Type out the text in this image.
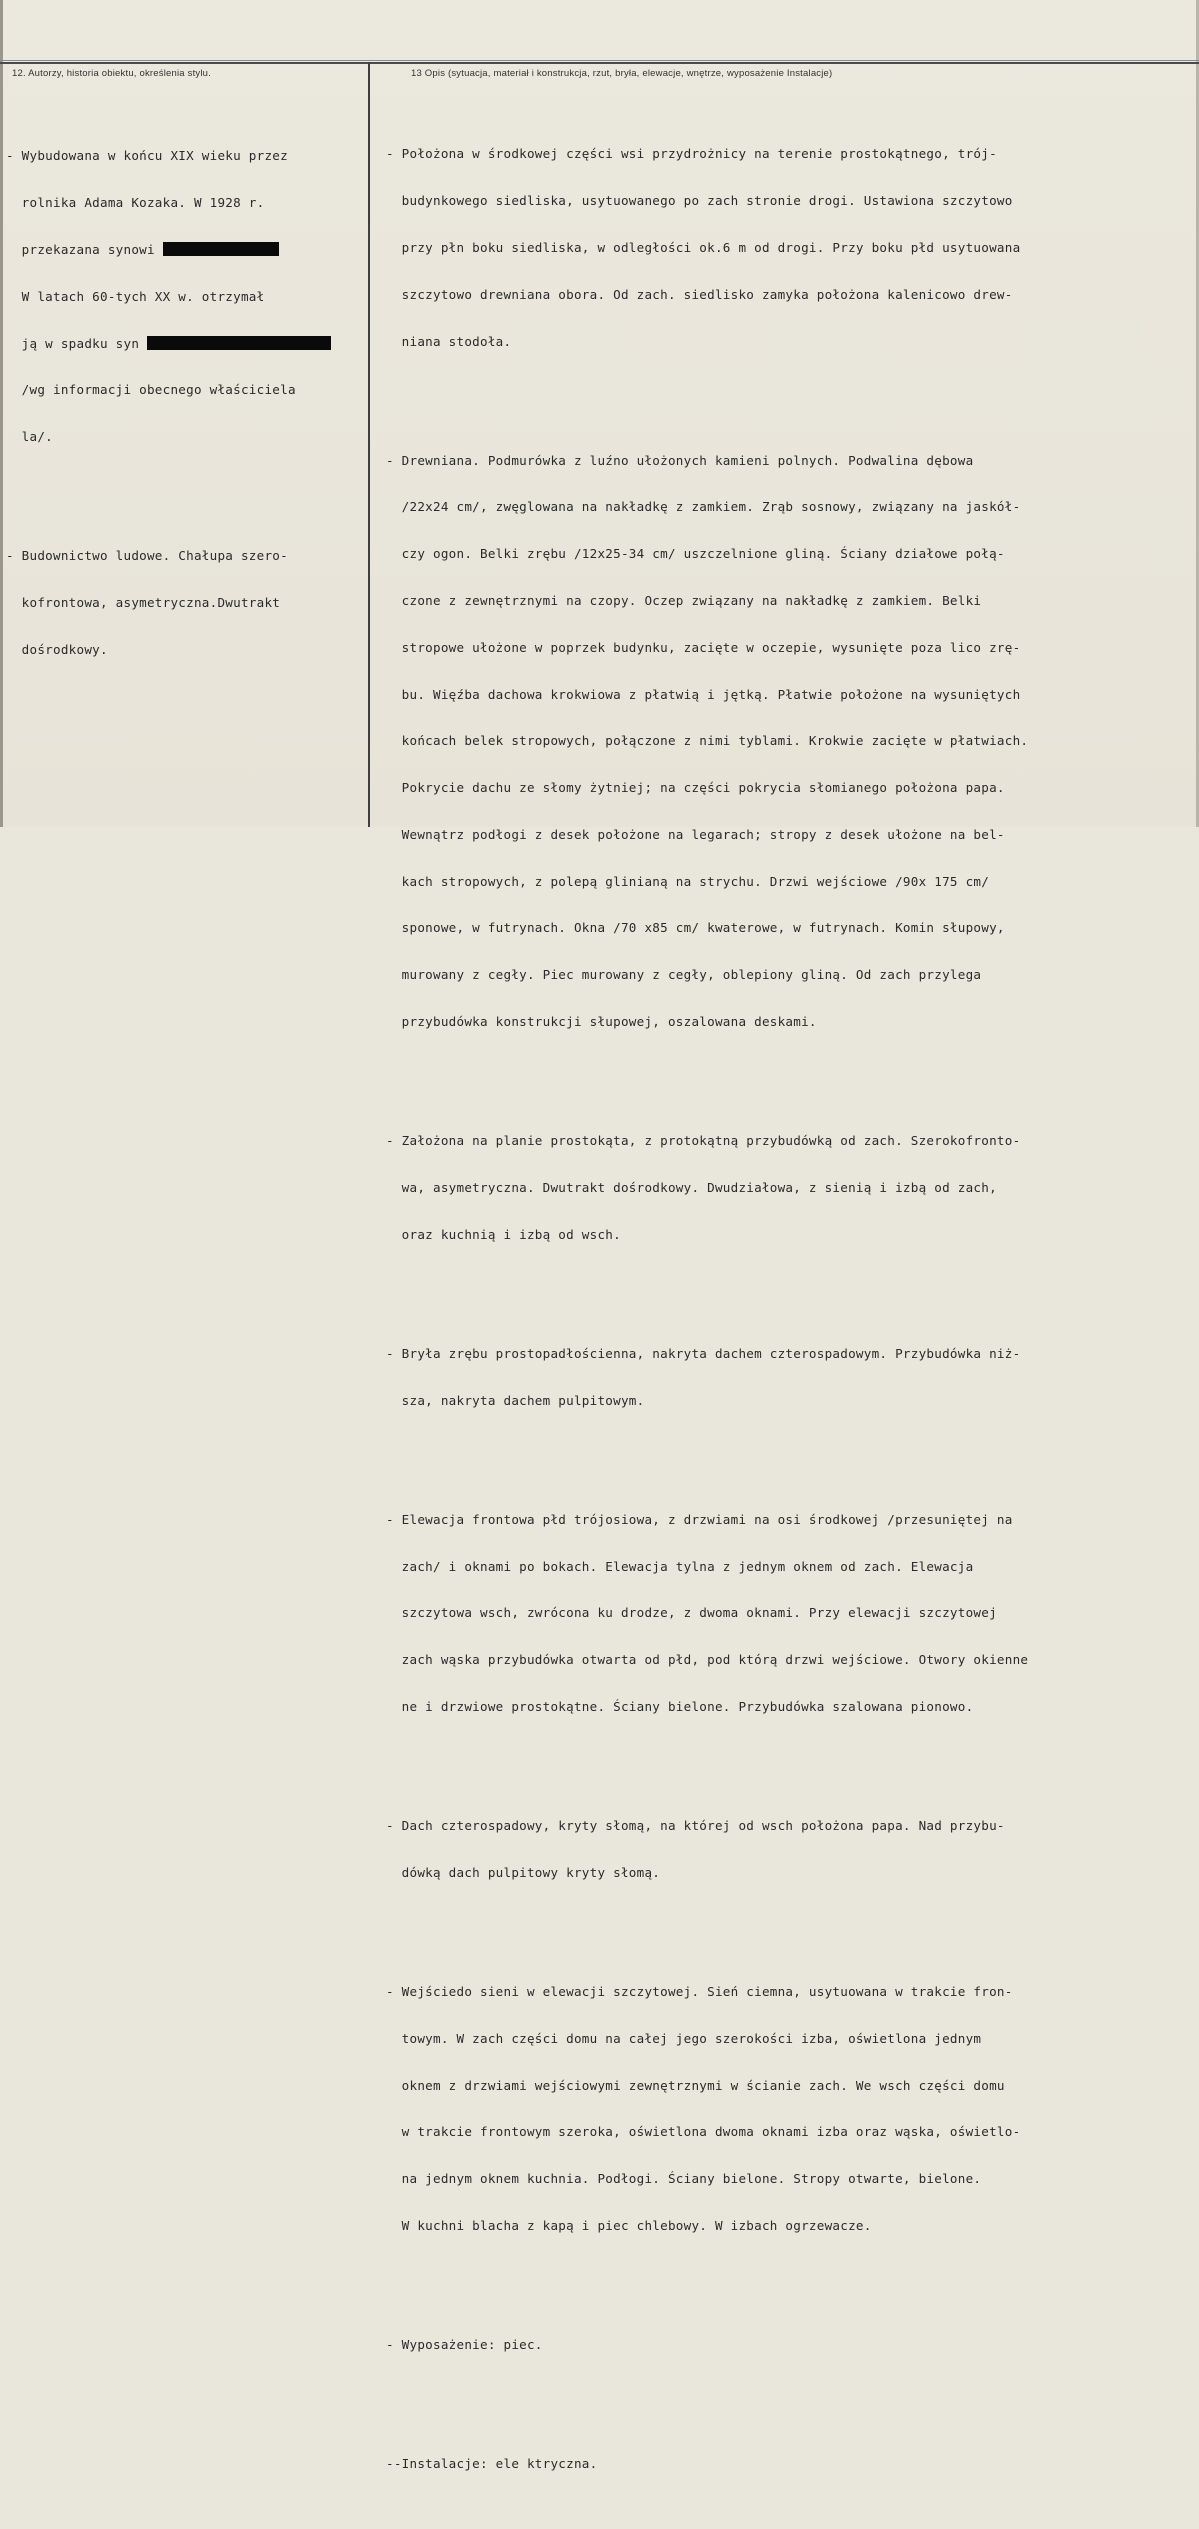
12. Autorzy, historia obiektu, określenia stylu.	13 Opis (sytuacja, materiał i konstrukcja, rzut, bryła, elewacje, wnętrze, wyposażenie Instalacje)

- Wybudowana w końcu XIX wieku przez

rolnika Adama Kozaka. W 1928 r.

przekazana synowi

W latach 60-tych XX w. otrzymał

ją w spadku syn

/wg informacji obecnego właściciela

la/.

- Budownictwo ludowe. Chałupa szero-

kofrontowa, asymetryczna.Dwutrakt

dośrodkowy.

- Położona w środkowej części wsi przydrożnicy na terenie prostokątnego, trój-

budynkowego siedliska, usytuowanego po zach stronie drogi. Ustawiona szczytowo

przy płn boku siedliska, w odległości ok.6 m od drogi. Przy boku płd usytuowana

szczytowo drewniana obora. Od zach. siedlisko zamyka położona kalenicowo drew-

niana stodoła.

- Drewniana. Podmurówka z luźno ułożonych kamieni polnych. Podwalina dębowa

/22x24 cm/, zwęglowana na nakładkę z zamkiem. Zrąb sosnowy, związany na jaskół-

czy ogon. Belki zrębu /12x25-34 cm/ uszczelnione gliną. Ściany działowe połą-

czone z zewnętrznymi na czopy. Oczep związany na nakładkę z zamkiem. Belki

stropowe ułożone w poprzek budynku, zacięte w oczepie, wysunięte poza lico zrę-

bu. Więźba dachowa krokwiowa z płatwią i jętką. Płatwie położone na wysuniętych

końcach belek stropowych, połączone z nimi tyblami. Krokwie zacięte w płatwiach.

Pokrycie dachu ze słomy żytniej; na części pokrycia słomianego położona papa.

Wewnątrz podłogi z desek położone na legarach; stropy z desek ułożone na bel-

kach stropowych, z polepą glinianą na strychu. Drzwi wejściowe /90x 175 cm/

sponowe, w futrynach. Okna /70 x85 cm/ kwaterowe, w futrynach. Komin słupowy,

murowany z cegły. Piec murowany z cegły, oblepiony gliną. Od zach przylega

przybudówka konstrukcji słupowej, oszalowana deskami.

- Założona na planie prostokąta, z protokątną przybudówką od zach. Szerokofronto-

wa, asymetryczna. Dwutrakt dośrodkowy. Dwudziałowa, z sienią i izbą od zach,

oraz kuchnią i izbą od wsch.

- Bryła zrębu prostopadłościenna, nakryta dachem czterospadowym. Przybudówka niż-

sza, nakryta dachem pulpitowym.

- Elewacja frontowa płd trójosiowa, z drzwiami na osi środkowej /przesuniętej na

zach/ i oknami po bokach. Elewacja tylna z jednym oknem od zach. Elewacja

szczytowa wsch, zwrócona ku drodze, z dwoma oknami. Przy elewacji szczytowej

zach wąska przybudówka otwarta od płd, pod którą drzwi wejściowe. Otwory okienne

ne i drzwiowe prostokątne. Ściany bielone. Przybudówka szalowana pionowo.

- Dach czterospadowy, kryty słomą, na której od wsch położona papa. Nad przybu-

dówką dach pulpitowy kryty słomą.

- Wejściedo sieni w elewacji szczytowej. Sień ciemna, usytuowana w trakcie fron-

towym. W zach części domu na całej jego szerokości izba, oświetlona jednym

oknem z drzwiami wejściowymi zewnętrznymi w ścianie zach. We wsch części domu

w trakcie frontowym szeroka, oświetlona dwoma oknami izba oraz wąska, oświetlo-

na jednym oknem kuchnia. Podłogi. Ściany bielone. Stropy otwarte, bielone.

W kuchni blacha z kapą i piec chlebowy. W izbach ogrzewacze.

- Wyposażenie: piec.

--Instalacje: ele ktryczna.
